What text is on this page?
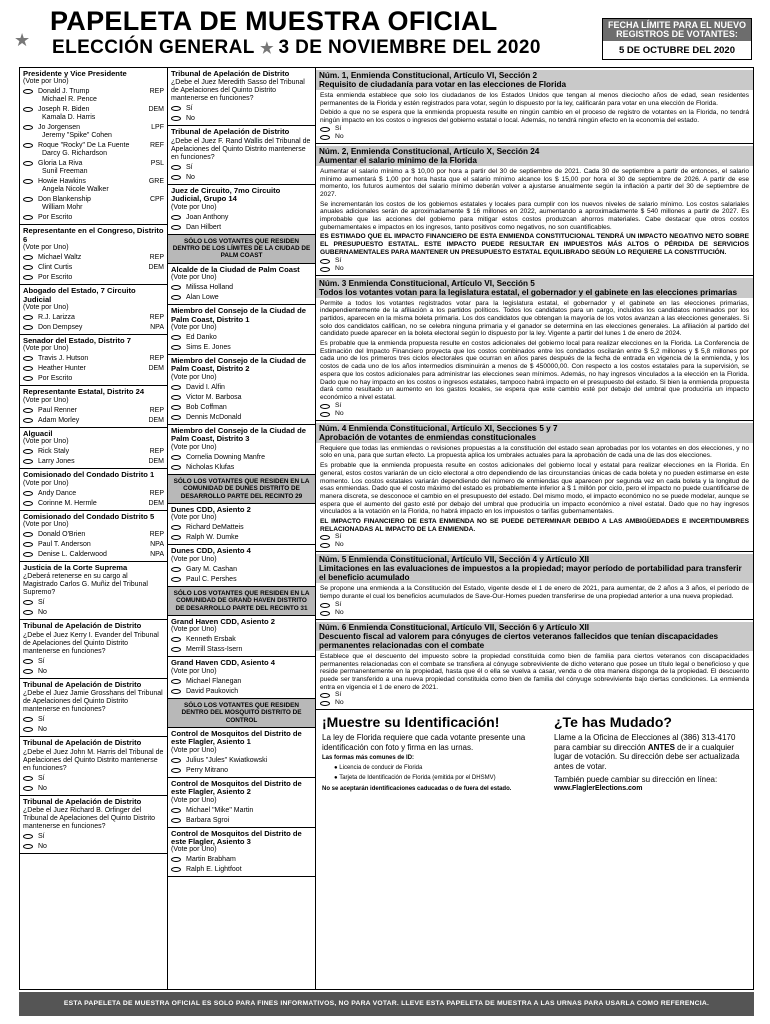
★
PAPELETA DE MUESTRA OFICIAL
ELECCIÓN GENERAL ★ 3 DE NOVIEMBRE DEL 2020
FECHA LÍMITE PARA EL NUEVO REGISTROS DE VOTANTES:
5 DE OCTUBRE DEL 2020
Presidente y Vice Presidente
(Vote por Uno)
Donald J. Trump
Michael R. Pence
REP
Joseph R. Biden
Kamala D. Harris
DEM
Jo Jorgensen
Jeremy "Spike" Cohen
LPF
Roque "Rocky" De La Fuente
Darcy G. Richardson
REF
Gloria La Riva
Sunil Freeman
PSL
Howie Hawkins
Angela Nicole Walker
GRE
Don Blankenship
William Mohr
CPF
Por Escrito
Representante en el Congreso, Distrito 6
(Vote por Uno)
Michael Waltz	REP
Clint Curtis	DEM
Por Escrito
Abogado del Estado, 7 Circuito Judicial
(Vote por Uno)
R.J. Larizza	REP
Don Dempsey	NPA
Senador del Estado, Distrito 7
(Vote por Uno)
Travis J. Hutson	REP
Heather Hunter	DEM
Por Escrito
Representante Estatal, Distrito 24
(Vote por Uno)
Paul Renner	REP
Adam Morley	DEM
Alguacil
(Vote por Uno)
Rick Staly	REP
Larry Jones	DEM
Comisionado del Condado Distrito 1
(Vote por Uno)
Andy Dance	REP
Corinne M. Hermle	DEM
Comisionado del Condado Distrito 5
(Vote por Uno)
Donald O'Brien	REP
Paul T. Anderson	NPA
Denise L. Calderwood	NPA
Justicia de la Corte Suprema
¿Deberá retenerse en su cargo al Magistrado Carlos G. Muñiz del Tribunal Supremo?
Sí
No
Tribunal de Apelación de Distrito
¿Debe el Juez Kerry I. Evander del Tribunal de Apelaciones del Quinto Distrito mantenerse en funciones?
Sí
No
Tribunal de Apelación de Distrito
¿Debe el Juez Jamie Grosshans del Tribunal de Apelaciones del Quinto Distrito mantenerse en funciones?
Sí
No
Tribunal de Apelación de Distrito
¿Debe el Juez John M. Harris del Tribunal de Apelaciones del Quinto Distrito mantenerse en funciones?
Sí
No
Tribunal de Apelación de Distrito
¿Debe el Juez Richard B. Orfinger del Tribunal de Apelaciones del Quinto Distrito mantenerse en funciones?
Sí
No
Tribunal de Apelación de Distrito
¿Debe el Juez Meredith Sasso del Tribunal de Apelaciones del Quinto Distrito mantenerse en funciones?
Sí
No
Tribunal de Apelación de Distrito
¿Debe el Juez F. Rand Wallis del Tribunal de Apelaciones del Quinto Distrito mantenerse en funciones?
Sí
No
Juez de Circuito, 7mo Circuito Judicial, Grupo 14
(Vote por Uno)
Joan Anthony
Dan Hilbert
SÓLO LOS VOTANTES QUE RESIDEN DENTRO DE LOS LÍMITES DE LA CIUDAD DE PALM COAST
Alcalde de la Ciudad de Palm Coast
(Vote por Uno)
Milissa Holland
Alan Lowe
Miembro del Consejo de la Ciudad de Palm Coast, Distrito 1
(Vote por Uno)
Ed Danko
Sims E. Jones
Miembro del Consejo de la Ciudad de Palm Coast, Distrito 2
(Vote por Uno)
David I. Alfin
Victor M. Barbosa
Bob Coffman
Dennis McDonald
Miembro del Consejo de la Ciudad de Palm Coast, Distrito 3
(Vote por Uno)
Cornelia Downing Manfre
Nicholas Klufas
SÓLO LOS VOTANTES QUE RESIDEN EN LA COMUNIDAD DE DUNES DISTRITO DE DESARROLLO PARTE DEL RECINTO 29
Dunes CDD, Asiento 2
(Vote por Uno)
Richard DeMatteis
Ralph W. Dumke
Dunes CDD, Asiento 4
(Vote por Uno)
Gary M. Cashan
Paul C. Pershes
SÓLO LOS VOTANTES QUE RESIDEN EN LA COMUNIDAD DE GRAND HAVEN DISTRITO DE DESARROLLO PARTE DEL RECINTO 31
Grand Haven CDD, Asiento 2
(Vote por Uno)
Kenneth Ersbak
Merrill Stass-Isern
Grand Haven CDD, Asiento 4
(Vote por Uno)
Michael Flanegan
David Paukovich
SÓLO LOS VOTANTES QUE RESIDEN DENTRO DEL MOSQUITO DISTRITO DE CONTROL
Control de Mosquitos del Distrito de este Flagler, Asiento 1
(Vote por Uno)
Julius "Jules" Kwiatkowski
Perry Mitrano
Control de Mosquitos del Distrito de este Flagler, Asiento 2
(Vote por Uno)
Michael "Mike" Martin
Barbara Sgroi
Control de Mosquitos del Distrito de este Flagler, Asiento 3
(Vote por Uno)
Martin Brabham
Ralph E. Lightfoot
Núm. 1, Enmienda Constitucional, Artículo VI, Sección 2
Requisito de ciudadanía para votar en las elecciones de Florida

Esta enmienda establece que solo los ciudadanos de los Estados Unidos que tengan al menos dieciocho años de edad, sean residentes permanentes de la Florida y estén registrados para votar, según lo dispuesto por la ley, calificarán para votar en una elección de Florida.

Debido a que no se espera que la enmienda propuesta resulte en ningún cambio en el proceso de registro de votantes en la Florida, no tendrá ningún impacto en los costos o ingresos del gobierno estatal o local. Además, no tendrá ningún efecto en la economía del estado.

Sí
No
Núm. 2, Enmienda Constitucional, Artículo X, Sección 24
Aumentar el salario mínimo de la Florida

Aumentar el salario mínimo a $ 10,00 por hora a partir del 30 de septiembre de 2021. Cada 30 de septiembre a partir de entonces, el salario mínimo aumentará $ 1,00 por hora hasta que el salario mínimo alcance los $ 15,00 por hora el 30 de septiembre de 2026. A partir de ese momento, los futuros aumentos del salario mínimo deberán volver a ajustarse anualmente según la inflación a partir del 30 de septiembre de 2027.

Se incrementarán los costos de los gobiernos estatales y locales para cumplir con los nuevos niveles de salario mínimo. Los costos salariales anuales adicionales serán de aproximadamente $ 16 millones en 2022, aumentando a aproximadamente $ 540 millones a partir de 2027. Es improbable que las acciones del gobierno para mitigar estos costos produzcan ahorros materiales. Cabe destacar que otros costos gubernamentales e impactos en los ingresos, tanto positivos como negativos, no son cuantificables.

ES ESTIMADO QUE EL IMPACTO FINANCIERO DE ESTA ENMIENDA CONSTITUCIONAL TENDRÁ UN IMPACTO NEGATIVO NETO SOBRE EL PRESUPUESTO ESTATAL. ESTE IMPACTO PUEDE RESULTAR EN IMPUESTOS MÁS ALTOS O PÉRDIDA DE SERVICIOS GUBERNAMENTALES PARA MANTENER UN PRESUPUESTO ESTATAL EQUILIBRADO SEGÚN LO REQUIERE LA CONSTITUCIÓN.

Sí
No
Núm. 3 Enmienda Constitucional, Artículo VI, Sección 5
Todos los votantes votan para la legislatura estatal, el gobernador y el gabinete en las elecciones primarias

Permite a todos los votantes registrados votar para la legislatura estatal, el gobernador y el gabinete en las elecciones primarias, independientemente de la afiliación a los partidos políticos. Todos los candidatos para un cargo, incluidos los candidatos nominados por los partidos, aparecen en la misma boleta primaria. Los dos candidatos que obtengan la mayoría de los votos avanzan a las elecciones generales. Si solo dos candidatos califican, no se celebra ninguna primaria y el ganador se determina en las elecciones generales. La afiliación al partido del candidato puede aparecer en la boleta electoral según lo dispuesto por la ley. Vigente a partir del lunes 1 de enero de 2024.

Es probable que la enmienda propuesta resulte en costos adicionales del gobierno local para realizar elecciones en la Florida. La Conferencia de Estimación del Impacto Financiero proyecta que los costos combinados entre los condados oscilarán entre $ 5,2 millones y $ 5,8 millones por cada uno de los primeros tres ciclos electorales que ocurran en años pares después de la fecha de entrada en vigencia de la enmienda, y los costos de cada uno de los años intermedios disminuirán a menos de $ 450000,00. Con respecto a los costos estatales para la supervisión, se espera que los costos adicionales para administrar las elecciones sean mínimos. Además, no hay ingresos vinculados a la elección en la Florida. Dado que no hay impacto en los costos o ingresos estatales, tampoco habrá impacto en el presupuesto del estado. Si bien la enmienda propuesta dará como resultado un aumento en los gastos locales, se espera que este cambio esté por debajo del umbral que produciría un impacto económico a nivel estatal.

Sí
No
Núm. 4 Enmienda Constitucional, Artículo XI, Secciones 5 y 7
Aprobación de votantes de enmiendas constitucionales

Requiere que todas las enmiendas o revisiones propuestas a la constitución del estado sean aprobadas por los votantes en dos elecciones, y no solo en una, para que surtan efecto. La propuesta aplica los umbrales actuales para la aprobación de cada una de las dos elecciones.

Es probable que la enmienda propuesta resulte en costos adicionales del gobierno local y estatal para realizar elecciones en la Florida. En general, estos costos variarán de un ciclo electoral a otro dependiendo de las circunstancias únicas de cada boleta y no pueden estimarse en este momento. Los costos estatales variarán dependiendo del número de enmiendas que aparecen por segunda vez en cada boleta y la longitud de esas enmiendas. Dado que el costo máximo del estado es probablemente inferior a $ 1 millón por ciclo, pero el impacto no puede cuantificarse de manera discreta, se desconoce el cambio en el presupuesto del estado. Del mismo modo, el impacto económico no se puede modelar, aunque se espera que el aumento del gasto esté por debajo del umbral que produciría un impacto económico a nivel estatal. Dado que no hay ingresos vinculados a la votación en la Florida, no habrá impacto en los impuestos o tarifas gubernamentales.

EL IMPACTO FINANCIERO DE ESTA ENMIENDA NO SE PUEDE DETERMINAR DEBIDO A LAS AMBIGÜEDADES E INCERTIDUMBRES RELACIONADAS AL IMPACTO DE LA ENMIENDA.

Sí
No
Núm. 5 Enmienda Constitucional, Artículo VII, Sección 4 y Artículo XII
Limitaciones en las evaluaciones de impuestos a la propiedad; mayor período de portabilidad para transferir el beneficio acumulado

Se propone una enmienda a la Constitución del Estado, vigente desde el 1 de enero de 2021, para aumentar, de 2 años a 3 años, el período de tiempo durante el cual los beneficios acumulados de Save-Our-Homes pueden transferirse de una propiedad anterior a una nueva propiedad.

Sí
No
Núm. 6 Enmienda Constitucional, Artículo VII, Sección 6 y Artículo XII
Descuento fiscal ad valorem para cónyuges de ciertos veteranos fallecidos que tenían discapacidades permanentes relacionadas con el combate

Establece que el descuento del impuesto sobre la propiedad constituida como bien de familia para ciertos veteranos con discapacidades permanentes relacionadas con el combate se transfiera al cónyuge sobreviviente de dicho veterano que posee un título legal o beneficioso y que reside permanentemente en la propiedad, hasta que él o ella se vuelva a casar, venda o de otra manera disponga de la propiedad. El descuento puede ser transferido a una nueva propiedad constituida como bien de familia del cónyuge sobreviviente bajo ciertas condiciones. La enmienda entra en vigencia el 1 de enero de 2021.

Sí
No
¡Muestre su Identificación!
La ley de Florida requiere que cada votante presente una identificación con foto y firma en las urnas.
Las formas más comunes de ID:
● Licencia de conducir de Florida
● Tarjeta de Identificación de Florida (emitida por el DHSMV)
No se aceptarán identificaciones caducadas o de fuera del estado.
¿Te has Mudado?
Llame a la Oficina de Elecciones al (386) 313-4170 para cambiar su dirección ANTES de ir a cualquier lugar de votación. Su dirección debe ser actualizada antes de votar.
También puede cambiar su dirección en línea:
www.FlaglerElections.com
ESTA PAPELETA DE MUESTRA OFICIAL ES SOLO PARA FINES INFORMATIVOS, NO PARA VOTAR. LLEVE ESTA PAPELETA DE MUESTRA A LAS URNAS PARA USARLA COMO REFERENCIA.
